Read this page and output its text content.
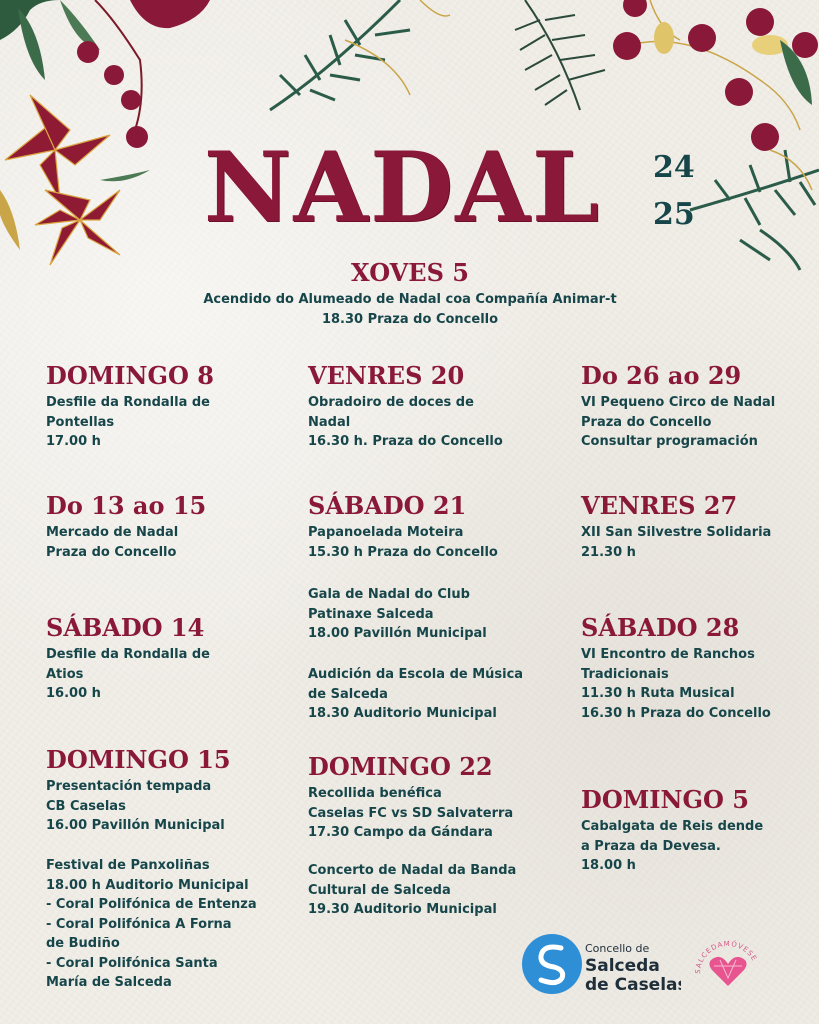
NADAL	24
25
XOVES 5
Acendido do Alumeado de Nadal coa Compañía Animar-t
18.30 Praza do Concello
DOMINGO 8
Desfile da Rondalla de
Pontellas
17.00 h
Do 13 ao 15
Mercado de Nadal
Praza do Concello
SÁBADO 14
Desfile da Rondalla de
Atios
16.00 h
DOMINGO 15
Presentación tempada
CB Caselas
16.00 Pavillón Municipal
Festival de Panxoliñas
18.00 h Auditorio Municipal
- Coral Polifónica de Entenza
- Coral Polifónica A Forna
de Budiño
- Coral Polifónica Santa
María de Salceda
VENRES 20
Obradoiro de doces de
Nadal
16.30 h. Praza do Concello
SÁBADO 21
Papanoelada Moteira
15.30 h Praza do Concello
Gala de Nadal do Club
Patinaxe Salceda
18.00 Pavillón Municipal
Audición da Escola de Música
de Salceda
18.30 Auditorio Municipal
DOMINGO 22
Recollida benéfica
Caselas FC vs SD Salvaterra
17.30 Campo da Gándara
Concerto de Nadal da Banda
Cultural de Salceda
19.30 Auditorio Municipal
Do 26 ao 29
VI Pequeno Circo de Nadal
Praza do Concello
Consultar programación
VENRES 27
XII San Silvestre Solidaria
21.30 h
SÁBADO 28
VI Encontro de Ranchos
Tradicionais
11.30 h Ruta Musical
16.30 h Praza do Concello
DOMINGO 5
Cabalgata de Reis dende
a Praza da Devesa.
18.00 h
Concello de
Salceda
de Caselas
SALCEDAMÓVESE
